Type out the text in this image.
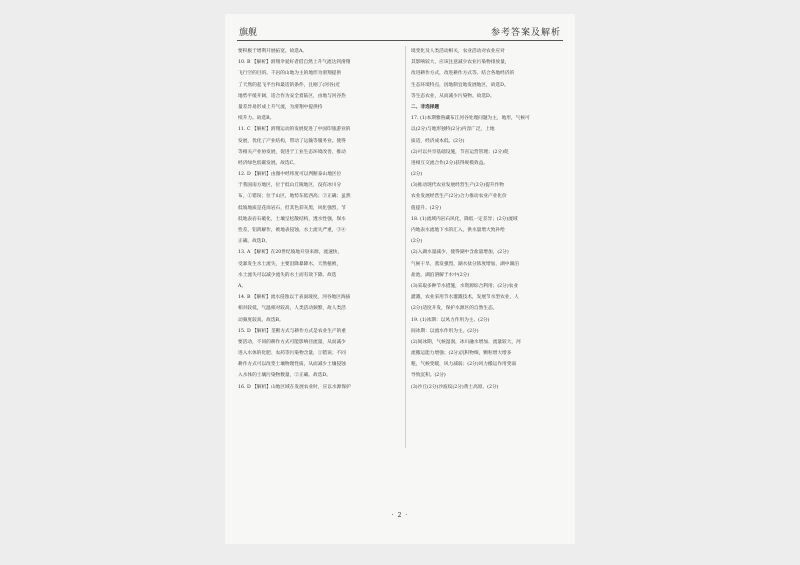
旗舰	参考答案及解析
要积极于增利开展拓宽。故选A。
10. B 【解析】滑翔伞爱好者借自然上升气流达到滑翔
飞行空的目的。千岩的山地为主的地形为滑翔提供
了天然的起飞平台和最适的条件，且刚了(河谷)近
地势平缓开阔，适合作为安全着陆区，由地与河谷热
量差异易形成上升气流，为滑翔中提供持
续升力。故选B。
11. C 【解析】滑翔运动的发展促进了中国印旅游业的
发展，优化了产业结构，带动了运输等服务业。使得
等相关产业协发展，促进于工业生态环境改善，推动
经济绿色低碳发展。故选C。
12. D 【解析】由图中经纬度可以判断泰山地区位
于我国南方地区，位于低山丘陵地区，没有冰川分
布，①错误；位于山区，地势东低西高；②正确；虽然
低坡地质是花岗岩石，但其色彩灰黑，风化强烈，节
低地表岩石破化，土壤呈松散结构，透水性强，保水
性差，铝鸿解作，被地表侵蚀，水土流失严重，③④
正确。故选D。
13. A 【解析】在20世纪坡地开垦来源，流速快，
受暴发生水土流失，主要沿降暴降水，天然植被，
水土流失可以减少流失的水土而有效下降。故选
A。
14. B 【解析】流水侵蚀以于表面坡度，河谷地区海拔
相对较低，气温相对较高，人类活动频繁，故人类活
动频度较高。故选B。
15. D 【解析】垄断方式与耕作方式是农业生产的重
要活动，不同的耕作方式可能影响径流量，从而减少
进入水体的化肥、农药等污染物含量，①错误；不同
耕作方式可以改变土壤物理性质，从而减少土壤侵蚀
入水体的土壤污染物数量，②正确。故选D。
16. D 【解析】山地区域在发展农业时，应以水源保护
境变化及人类活动相关，农业活动对农业应对
其影响较大，应该注意减少农业污染物排放量，
改进耕作方式，改进耕作方式等。结合各地经济的
生态环境特点，因地制宜地发展地区，故选D。
等生态农业，从而减少污染物。故选D。
二、非选择题
17. (1)本期雅鲁藏布江河谷处理问题为主，地形，气候可
以(2分)与地形独特(2分)内容广泛，上地
质适，经济成本低。(2分)
(2)可以共享基础设施，节省运营管理；(2分)促
进相互交流合作(2分)获得规模效益。
(2分)
(3)推动现代农业发展经营生产(2分)提升作物
农业发展经营生产(2分)合力推动农业产业化价
值提升。(2分)
18. (1)流域内岩石风化，降低一定差异；(2分)流域
内地表水流地下水的汇入，供水量增大致补给
(2分)
(2)入湖水量减少，使得湖中含盐量增加，(2分)
气候干旱，蒸发强烈，湖水盐分浓度增加，湖中湖泊
盐池，湖泊溶解于水中(2分)
(3)采取多种节水措施，水资源综合利用；(2分)农业
灌溉，农业采用节水灌溉技术，发展节水型农业，人
(2分)适度开发，保护水源区的自然生态。
19. (1)冰期：以风力作用为主。(2分)
间冰期：以流水作用为主。(2分)
(2)间冰期，气候湿润，冰川融水增加、流量较大，河
流搬运能力增强；(2分)沉积物细，颗粒增大增多
粗，气候变暖，风力减弱；(2分)风力搬运作用变弱
导致沉积。(2分)
(3)沙丘(2分)沙波纹(2分)黄土高原。(2分)
· 2 ·
